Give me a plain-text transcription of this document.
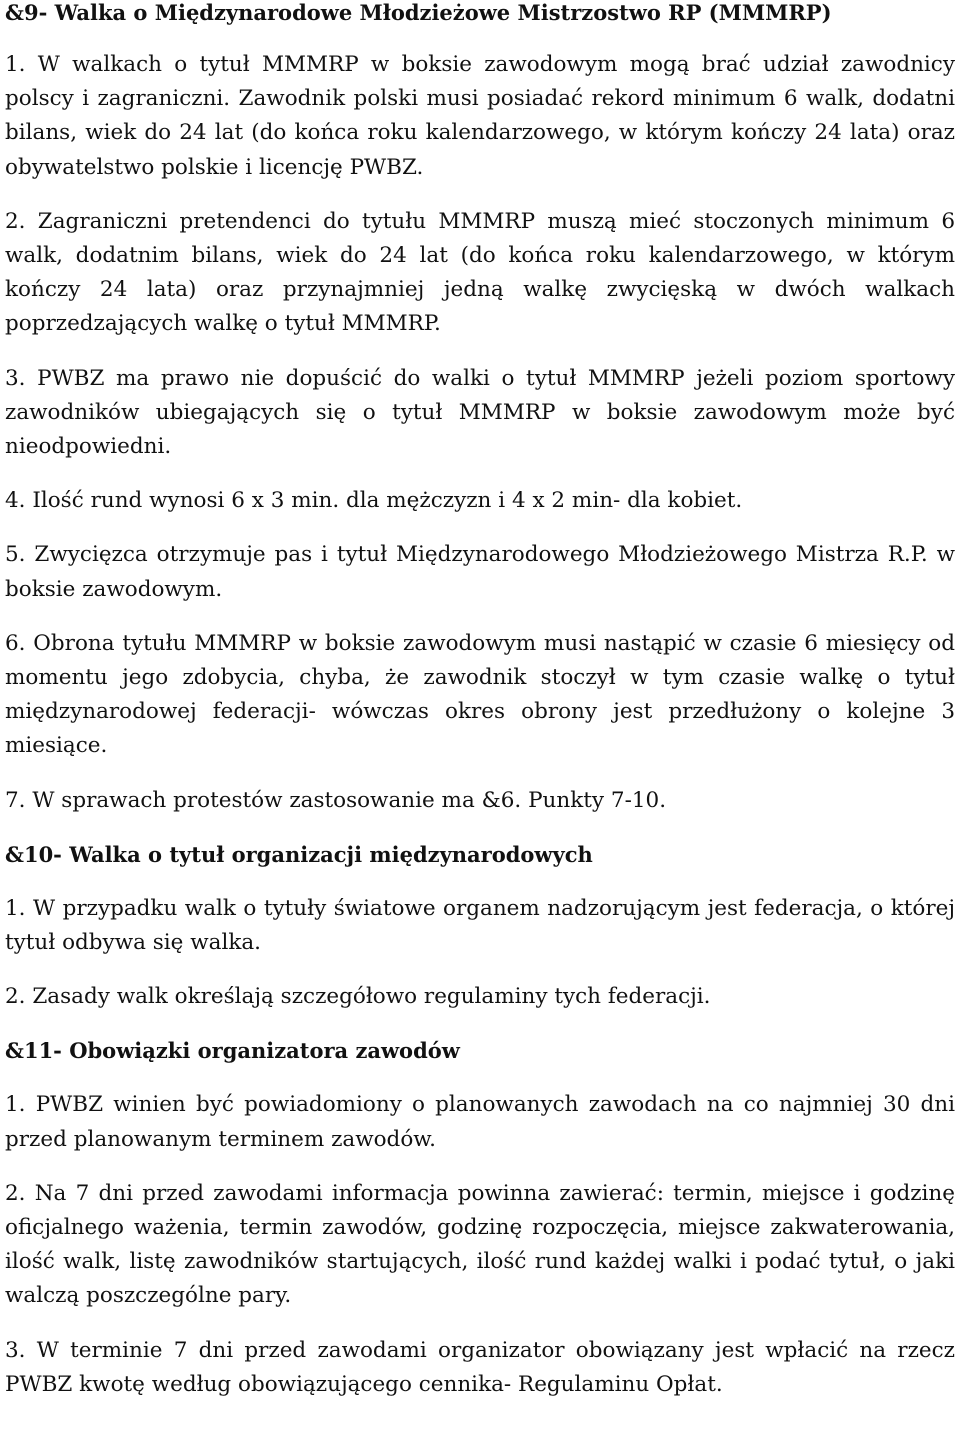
&9- Walka o Międzynarodowe Młodzieżowe Mistrzostwo RP (MMMRP)

1. W walkach o tytuł MMMRP w boksie zawodowym mogą brać udział zawodnicy polscy i zagraniczni. Zawodnik polski musi posiadać rekord minimum 6 walk, dodatni bilans, wiek do 24 lat (do końca roku kalendarzowego, w którym kończy 24 lata) oraz obywatelstwo polskie i licencję PWBZ.

2. Zagraniczni pretendenci do tytułu MMMRP muszą mieć stoczonych minimum 6 walk, dodatnim bilans, wiek do 24 lat (do końca roku kalendarzowego, w którym kończy 24 lata) oraz przynajmniej jedną walkę zwycięską w dwóch walkach poprzedzających walkę o tytuł MMMRP.

3. PWBZ ma prawo nie dopuścić do walki o tytuł MMMRP jeżeli poziom sportowy zawodników ubiegających się o tytuł MMMRP w boksie zawodowym może być nieodpowiedni.

4. Ilość rund wynosi 6 x 3 min. dla mężczyzn i 4 x 2 min- dla kobiet.

5. Zwycięzca otrzymuje pas i tytuł Międzynarodowego Młodzieżowego Mistrza R.P. w boksie zawodowym.

6. Obrona tytułu MMMRP w boksie zawodowym musi nastąpić w czasie 6 miesięcy od momentu jego zdobycia, chyba, że zawodnik stoczył w tym czasie walkę o tytuł międzynarodowej federacji- wówczas okres obrony jest przedłużony o kolejne 3 miesiące.

7. W sprawach protestów zastosowanie ma &6. Punkty 7-10.

&10- Walka o tytuł organizacji międzynarodowych

1. W przypadku walk o tytuły światowe organem nadzorującym jest federacja, o której tytuł odbywa się walka.

2. Zasady walk określają szczegółowo regulaminy tych federacji.

&11- Obowiązki organizatora zawodów

1. PWBZ winien być powiadomiony o planowanych zawodach na co najmniej 30 dni przed planowanym terminem zawodów.

2. Na 7 dni przed zawodami informacja powinna zawierać: termin, miejsce i godzinę oficjalnego ważenia, termin zawodów, godzinę rozpoczęcia, miejsce zakwaterowania, ilość walk, listę zawodników startujących, ilość rund każdej walki i podać tytuł, o jaki walczą poszczególne pary.

3. W terminie 7 dni przed zawodami organizator obowiązany jest wpłacić na rzecz PWBZ kwotę według obowiązującego cennika- Regulaminu Opłat.
